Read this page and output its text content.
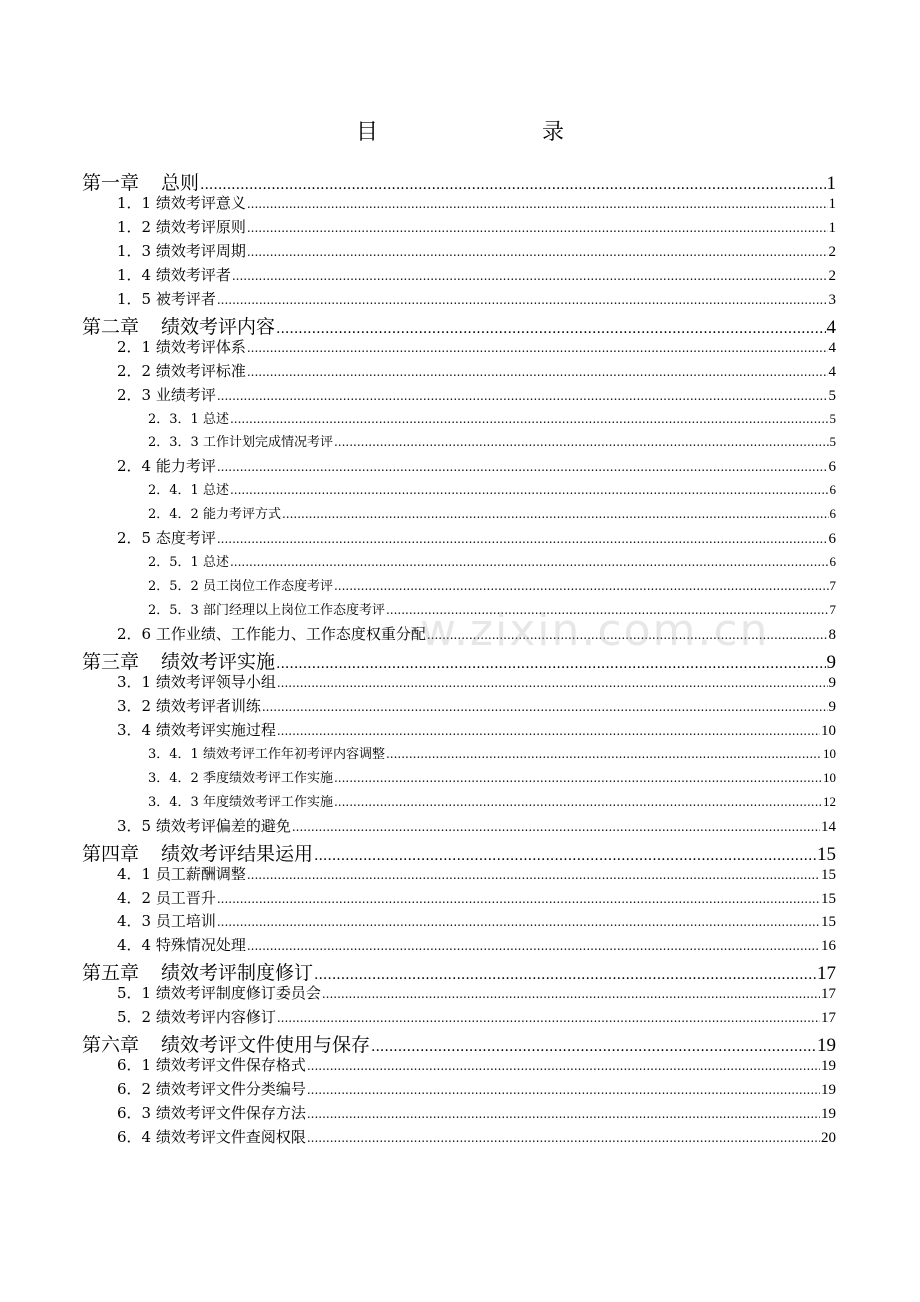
目　　录
第一章 总则 .....	1
1．1 绩效考评意义 .....	1
1．2 绩效考评原则 .....	1
1．3 绩效考评周期 .....	2
1．4 绩效考评者 .....	2
1．5 被考评者 .....	3
第二章 绩效考评内容 .....	4
2．1 绩效考评体系 .....	4
2．2 绩效考评标准 .....	4
2．3 业绩考评 .....	5
2．3．1 总述 .....	5
2．3．3 工作计划完成情况考评 .....	5
2．4 能力考评 .....	6
2．4．1 总述 .....	6
2．4．2 能力考评方式 .....	6
2．5 态度考评 .....	6
2．5．1 总述 .....	6
2．5．2 员工岗位工作态度考评 .....	7
2．5．3 部门经理以上岗位工作态度考评 .....	7
2．6 工作业绩、工作能力、工作态度权重分配 .....	8
第三章 绩效考评实施 .....	9
3．1 绩效考评领导小组 .....	9
3．2 绩效考评者训练 .....	9
3．4 绩效考评实施过程 .....	10
3．4．1 绩效考评工作年初考评内容调整 .....	10
3．4．2 季度绩效考评工作实施 .....	10
3．4．3 年度绩效考评工作实施 .....	12
3．5 绩效考评偏差的避免 .....	14
第四章 绩效考评结果运用 .....	15
4．1 员工薪酬调整 .....	15
4．2 员工晋升 .....	15
4．3 员工培训 .....	15
4．4 特殊情况处理 .....	16
第五章 绩效考评制度修订 .....	17
5．1 绩效考评制度修订委员会 .....	17
5．2 绩效考评内容修订 .....	17
第六章 绩效考评文件使用与保存 .....	19
6．1 绩效考评文件保存格式 .....	19
6．2 绩效考评文件分类编号 .....	19
6．3 绩效考评文件保存方法 .....	19
6．4 绩效考评文件查阅权限 .....	20
w.zixin.com.cn
